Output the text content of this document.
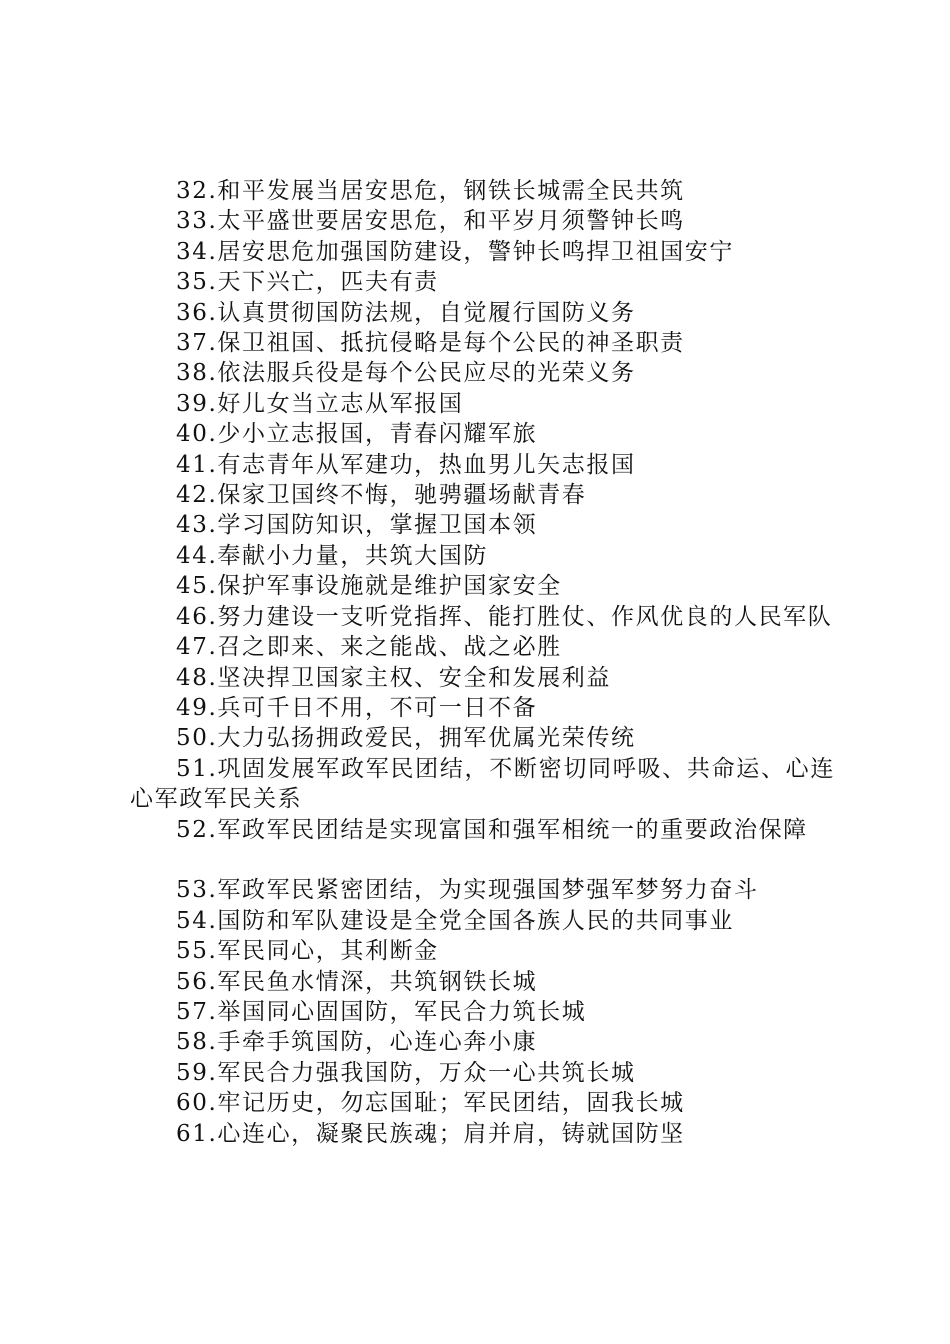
32.和平发展当居安思危，钢铁长城需全民共筑

33.太平盛世要居安思危，和平岁月须警钟长鸣

34.居安思危加强国防建设，警钟长鸣捍卫祖国安宁

35.天下兴亡，匹夫有责

36.认真贯彻国防法规，自觉履行国防义务

37.保卫祖国、抵抗侵略是每个公民的神圣职责

38.依法服兵役是每个公民应尽的光荣义务

39.好儿女当立志从军报国

40.少小立志报国，青春闪耀军旅

41.有志青年从军建功，热血男儿矢志报国

42.保家卫国终不悔，驰骋疆场献青春

43.学习国防知识，掌握卫国本领

44.奉献小力量，共筑大国防

45.保护军事设施就是维护国家安全

46.努力建设一支听党指挥、能打胜仗、作风优良的人民军队

47.召之即来、来之能战、战之必胜

48.坚决捍卫国家主权、安全和发展利益

49.兵可千日不用，不可一日不备

50.大力弘扬拥政爱民，拥军优属光荣传统

51.巩固发展军政军民团结，不断密切同呼吸、共命运、心连心军政军民关系

52.军政军民团结是实现富国和强军相统一的重要政治保障

53.军政军民紧密团结，为实现强国梦强军梦努力奋斗

54.国防和军队建设是全党全国各族人民的共同事业

55.军民同心，其利断金

56.军民鱼水情深，共筑钢铁长城

57.举国同心固国防，军民合力筑长城

58.手牵手筑国防，心连心奔小康

59.军民合力强我国防，万众一心共筑长城

60.牢记历史，勿忘国耻；军民团结，固我长城

61.心连心，凝聚民族魂；肩并肩，铸就国防坚
